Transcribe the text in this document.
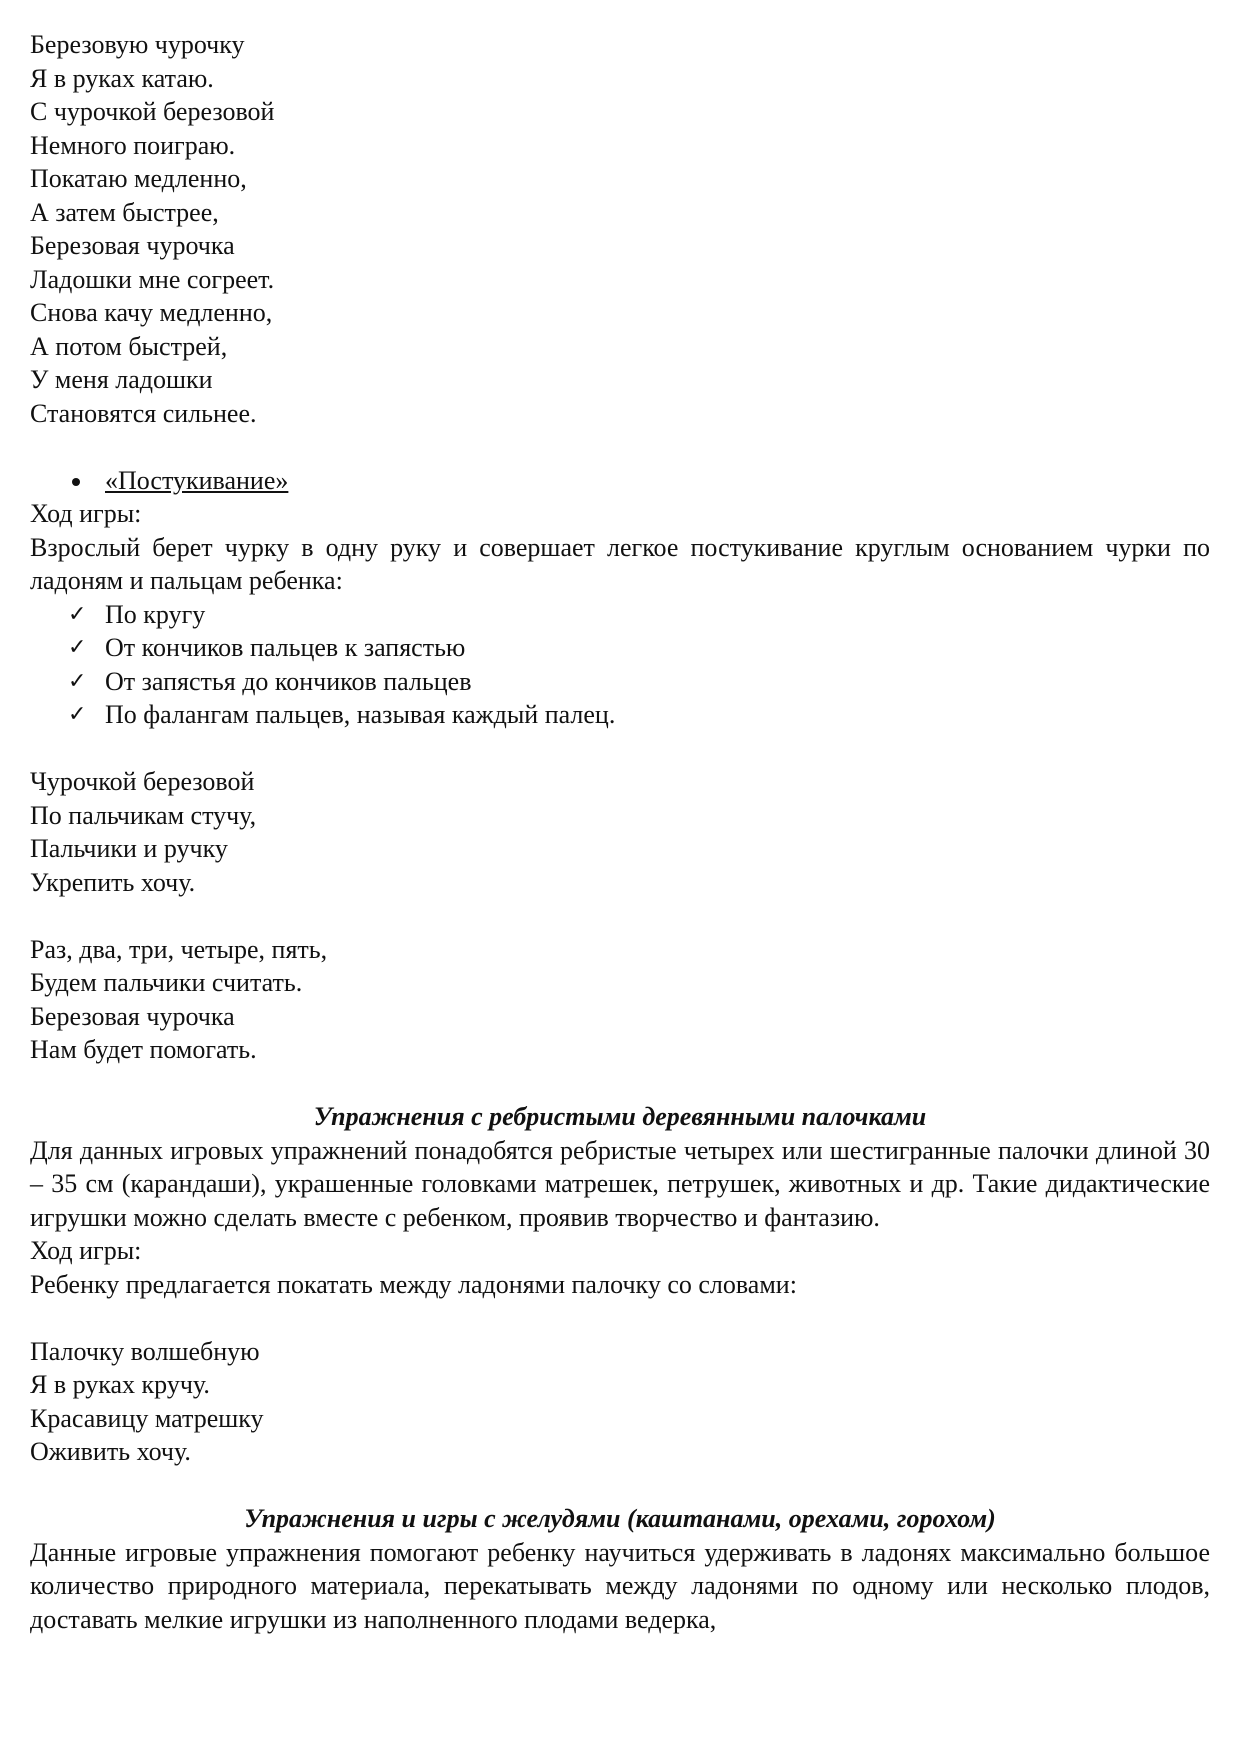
Березовую чурочку

Я в руках катаю.

С чурочкой березовой

Немного поиграю.

Покатаю медленно,

А затем быстрее,

Березовая чурочка

Ладошки мне согреет.

Снова качу медленно,

А потом быстрей,

У меня ладошки

Становятся сильнее.

«Постукивание»

Ход игры:

Взрослый берет чурку в одну руку и совершает легкое постукивание круглым основанием чурки по ладоням и пальцам ребенка:

✓ По кругу

✓ От кончиков пальцев к запястью

✓ От запястья до кончиков пальцев

✓ По фалангам пальцев, называя каждый палец.

Чурочкой березовой

По пальчикам стучу,

Пальчики и ручку

Укрепить хочу.

Раз, два, три, четыре, пять,

Будем пальчики считать.

Березовая чурочка

Нам будет помогать.

Упражнения с ребристыми деревянными палочками

Для данных игровых упражнений понадобятся ребристые четырех или шестигранные палочки длиной 30 – 35 см (карандаши), украшенные головками матрешек, петрушек, животных и др. Такие дидактические игрушки можно сделать вместе с ребенком, проявив творчество и фантазию.

Ход игры:

Ребенку предлагается покатать между ладонями палочку со словами:

Палочку волшебную

Я в руках кручу.

Красавицу матрешку

Оживить хочу.

Упражнения и игры с желудями (каштанами, орехами, горохом)

Данные игровые упражнения помогают ребенку научиться удерживать в ладонях максимально большое количество природного материала, перекатывать между ладонями по одному или несколько плодов, доставать мелкие игрушки из наполненного плодами ведерка,
